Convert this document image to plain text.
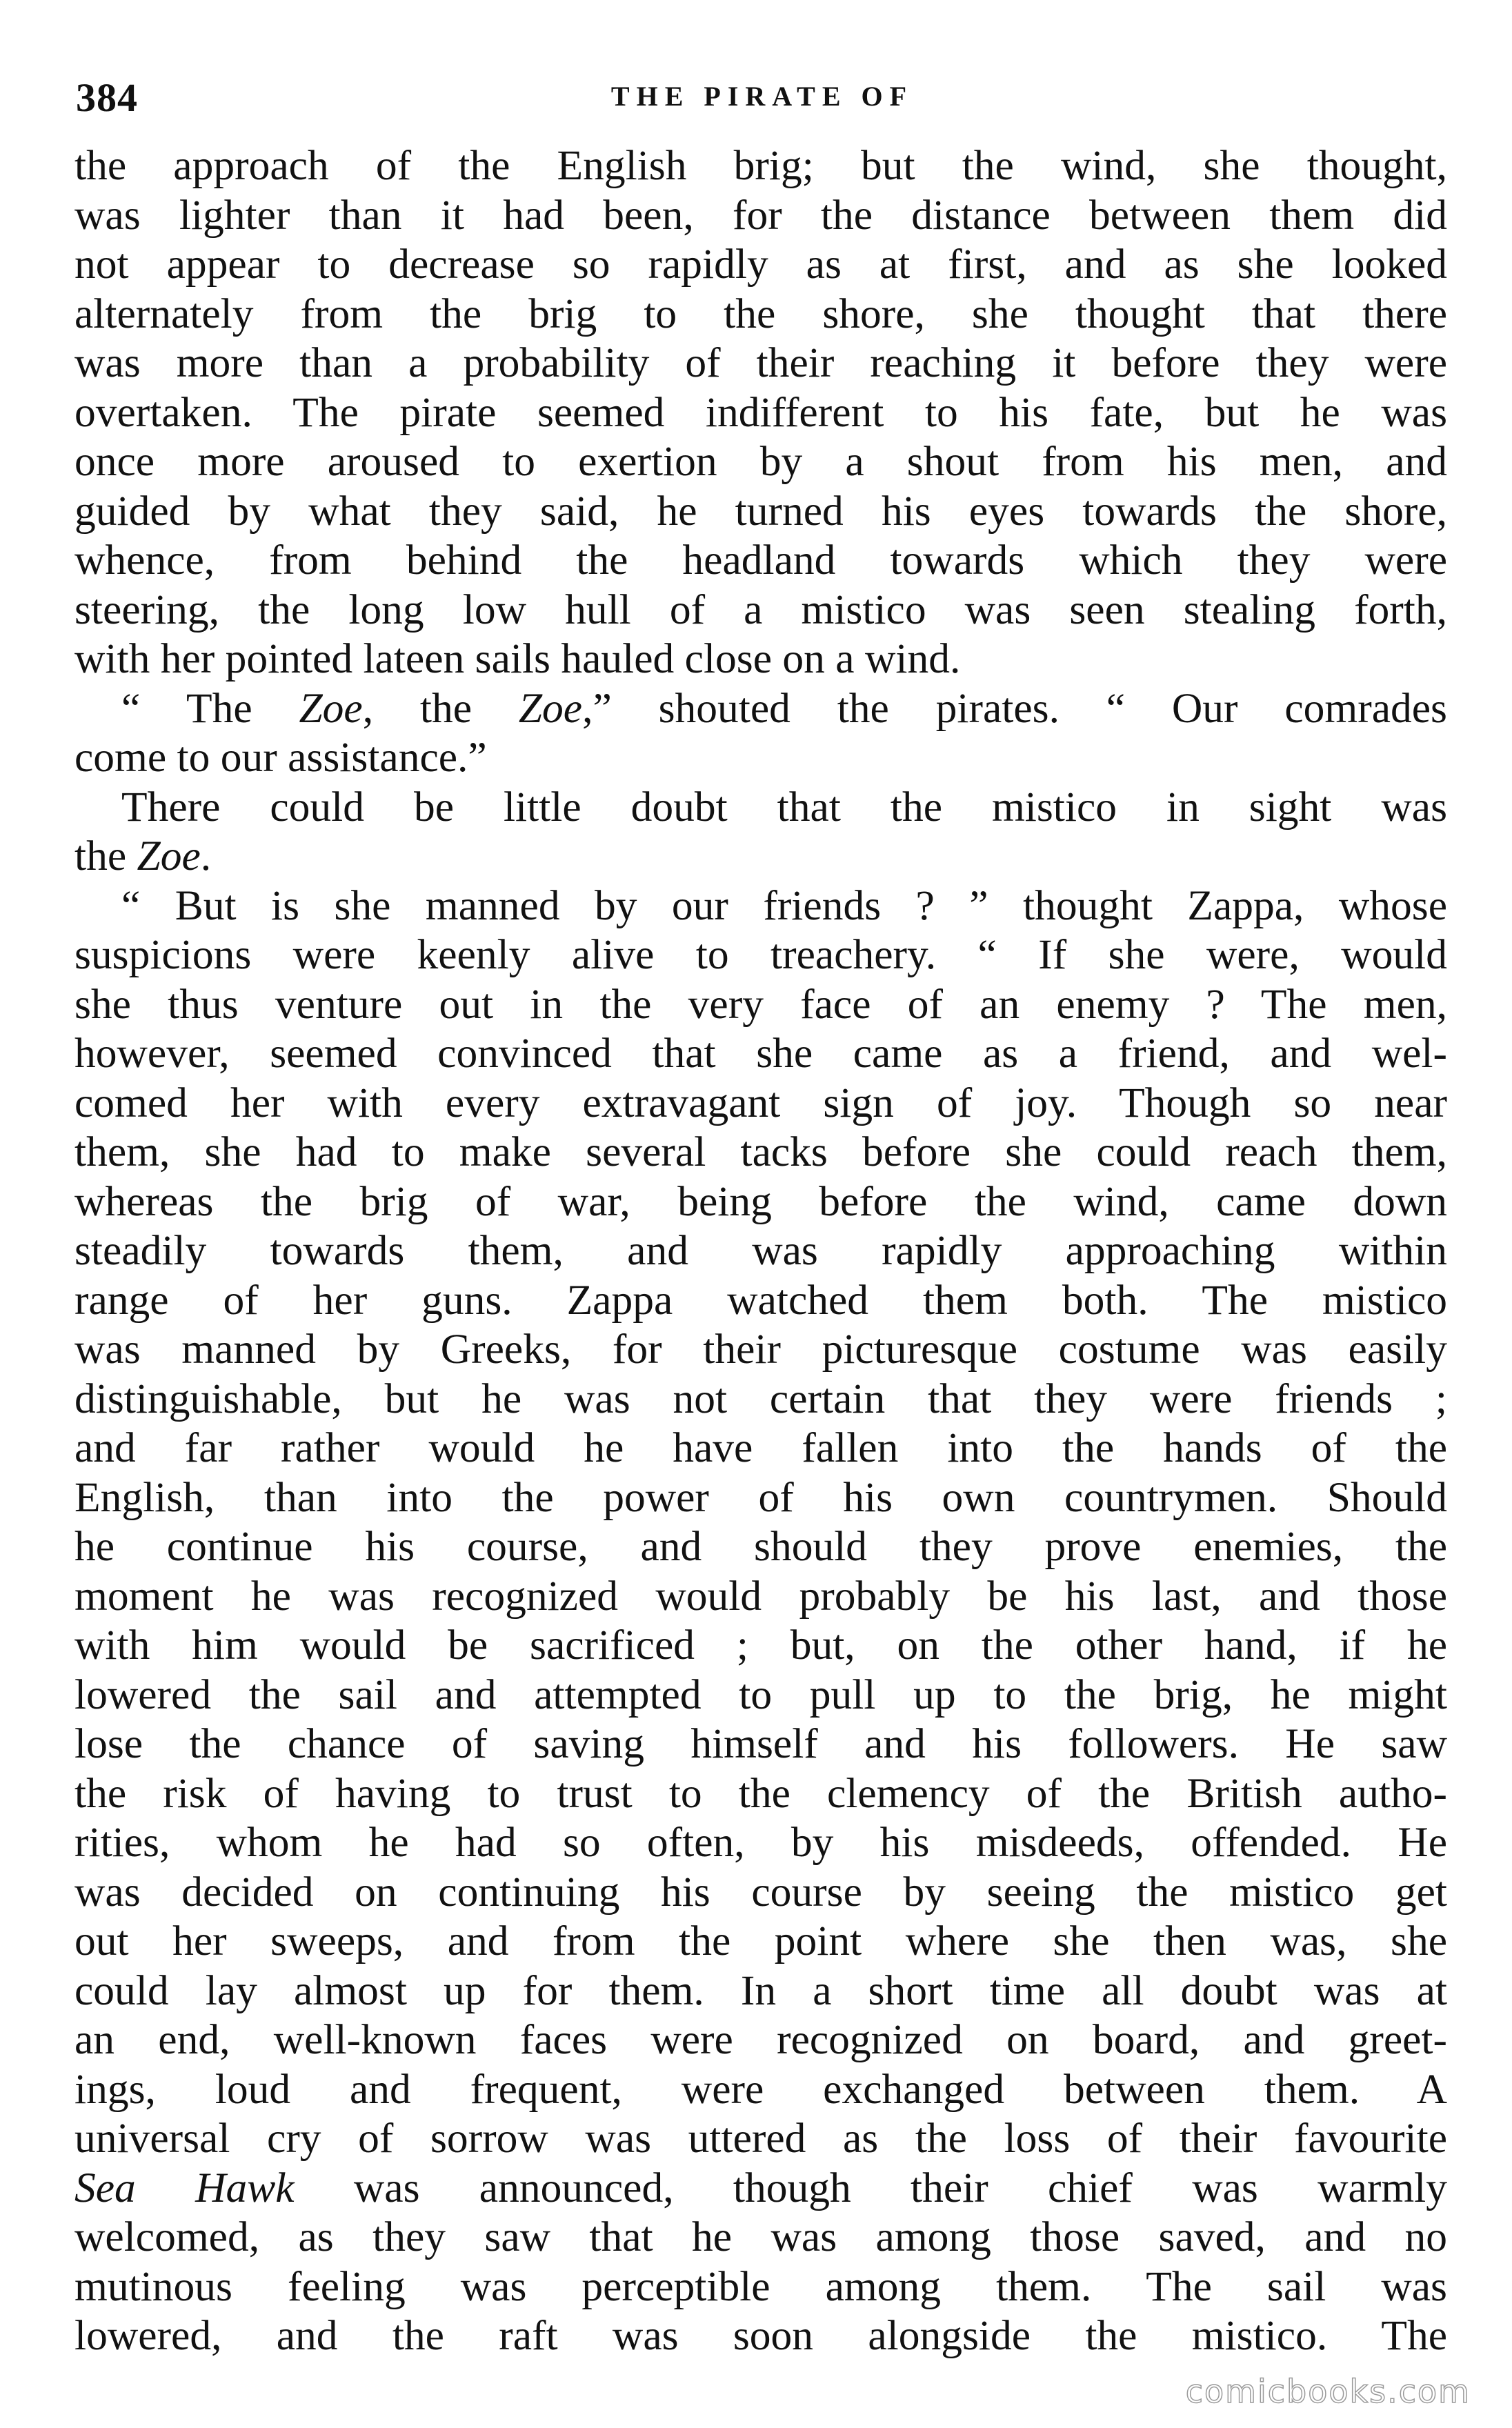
384	THE PIRATE OF
the approach of the English brig; but the wind, she thought,
was lighter than it had been, for the distance between them did
not appear to decrease so rapidly as at first, and as she looked
alternately from the brig to the shore, she thought that there
was more than a probability of their reaching it before they were
overtaken. The pirate seemed indifferent to his fate, but he was
once more aroused to exertion by a shout from his men, and
guided by what they said, he turned his eyes towards the shore,
whence, from behind the headland towards which they were
steering, the long low hull of a mistico was seen stealing forth,
with her pointed lateen sails hauled close on a wind.
“ The Zoe, the Zoe,” shouted the pirates. “ Our comrades
come to our assistance.”
There could be little doubt that the mistico in sight was
the Zoe.
“ But is she manned by our friends ? ” thought Zappa, whose
suspicions were keenly alive to treachery. “ If she were, would
she thus venture out in the very face of an enemy ? The men,
however, seemed convinced that she came as a friend, and wel-
comed her with every extravagant sign of joy. Though so near
them, she had to make several tacks before she could reach them,
whereas the brig of war, being before the wind, came down
steadily towards them, and was rapidly approaching within
range of her guns. Zappa watched them both. The mistico
was manned by Greeks, for their picturesque costume was easily
distinguishable, but he was not certain that they were friends ;
and far rather would he have fallen into the hands of the
English, than into the power of his own countrymen. Should
he continue his course, and should they prove enemies, the
moment he was recognized would probably be his last, and those
with him would be sacrificed ; but, on the other hand, if he
lowered the sail and attempted to pull up to the brig, he might
lose the chance of saving himself and his followers. He saw
the risk of having to trust to the clemency of the British autho-
rities, whom he had so often, by his misdeeds, offended. He
was decided on continuing his course by seeing the mistico get
out her sweeps, and from the point where she then was, she
could lay almost up for them. In a short time all doubt was at
an end, well-known faces were recognized on board, and greet-
ings, loud and frequent, were exchanged between them. A
universal cry of sorrow was uttered as the loss of their favourite
Sea Hawk was announced, though their chief was warmly
welcomed, as they saw that he was among those saved, and no
mutinous feeling was perceptible among them. The sail was
lowered, and the raft was soon alongside the mistico. The
comicbooks.com
